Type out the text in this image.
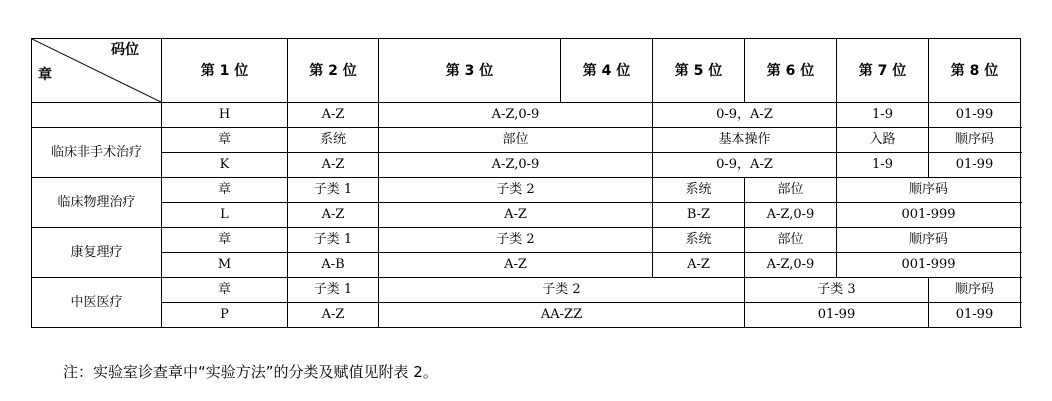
码位
章	第 1 位	第 2 位	第 3 位	第 4 位	第 5 位	第 6 位	第 7 位	第 8 位
	H	A-Z	A-Z,0-9		0-9，A-Z		1-9	01-99
临床非手术治疗	章	系统	部位		基本操作		入路	顺序码
	K	A-Z	A-Z,0-9		0-9，A-Z		1-9	01-99
临床物理治疗	章	子类 1	子类 2		系统	部位	顺序码	
	L	A-Z	A-Z		B-Z	A-Z,0-9	001-999	
康复理疗	章	子类 1	子类 2		系统	部位	顺序码	
	M	A-B	A-Z		A-Z	A-Z,0-9	001-999	
中医医疗	章	子类 1	子类 2			子类 3		顺序码
	P	A-Z	AA-ZZ			01-99		01-99
注：实验室诊查章中“实验方法”的分类及赋值见附表 2。
